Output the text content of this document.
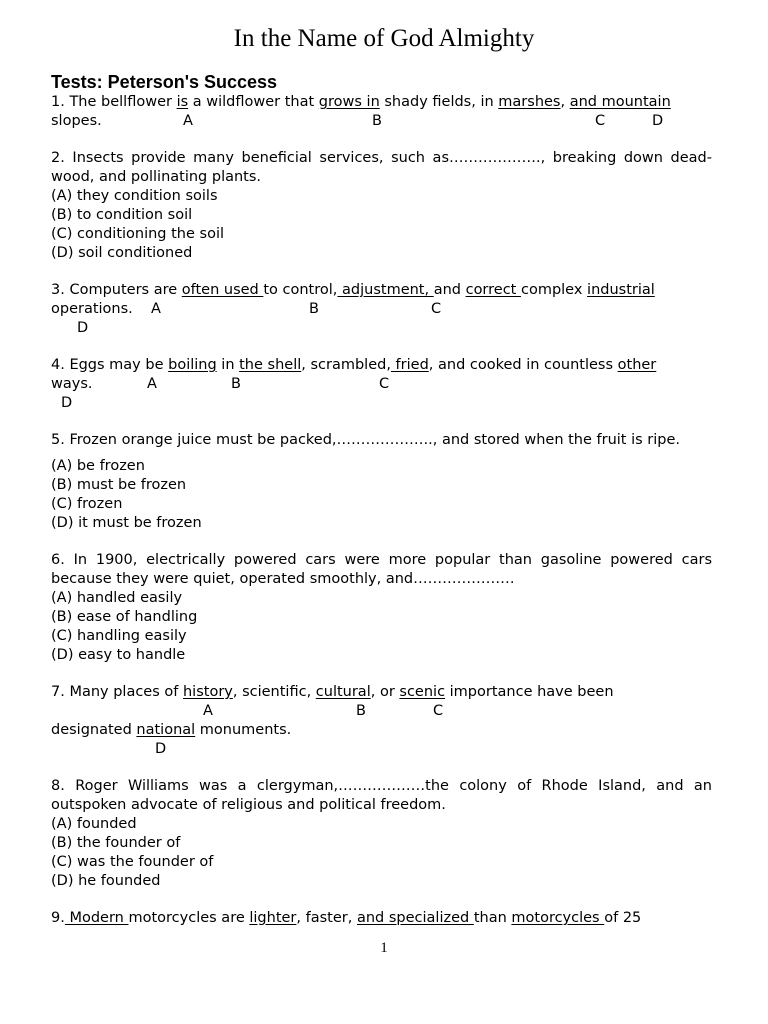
In the Name of God Almighty
Tests: Peterson's Success

1. The bellflower is a wildflower that grows in shady fields, in marshes, and mountain

slopes.	A	B	C	D

2. Insects provide many beneficial services, such as………………., breaking down dead-wood, and pollinating plants.

(A) they condition soils

(B) to condition soil

(C) conditioning the soil

(D) soil conditioned

3. Computers are often used to control, adjustment, and correct complex industrial

operations. A	B	C
D

4. Eggs may be boiling in the shell, scrambled, fried, and cooked in countless other

ways.	A	B	C
D

5. Frozen orange juice must be packed,……………….., and stored when the fruit is ripe.

(A) be frozen

(B) must be frozen

(C) frozen

(D) it must be frozen

6. In 1900, electrically powered cars were more popular than gasoline powered cars because they were quiet, operated smoothly, and…………………

(A) handled easily

(B) ease of handling

(C) handling easily

(D) easy to handle

7. Many places of history, scientific, cultural, or scenic importance have been

A	B	C

designated national monuments.

D

8. Roger Williams was a clergyman,………………the colony of Rhode Island, and an outspoken advocate of religious and political freedom.

(A) founded

(B) the founder of

(C) was the founder of

(D) he founded

9. Modern motorcycles are lighter, faster, and specialized than motorcycles of 25

1
